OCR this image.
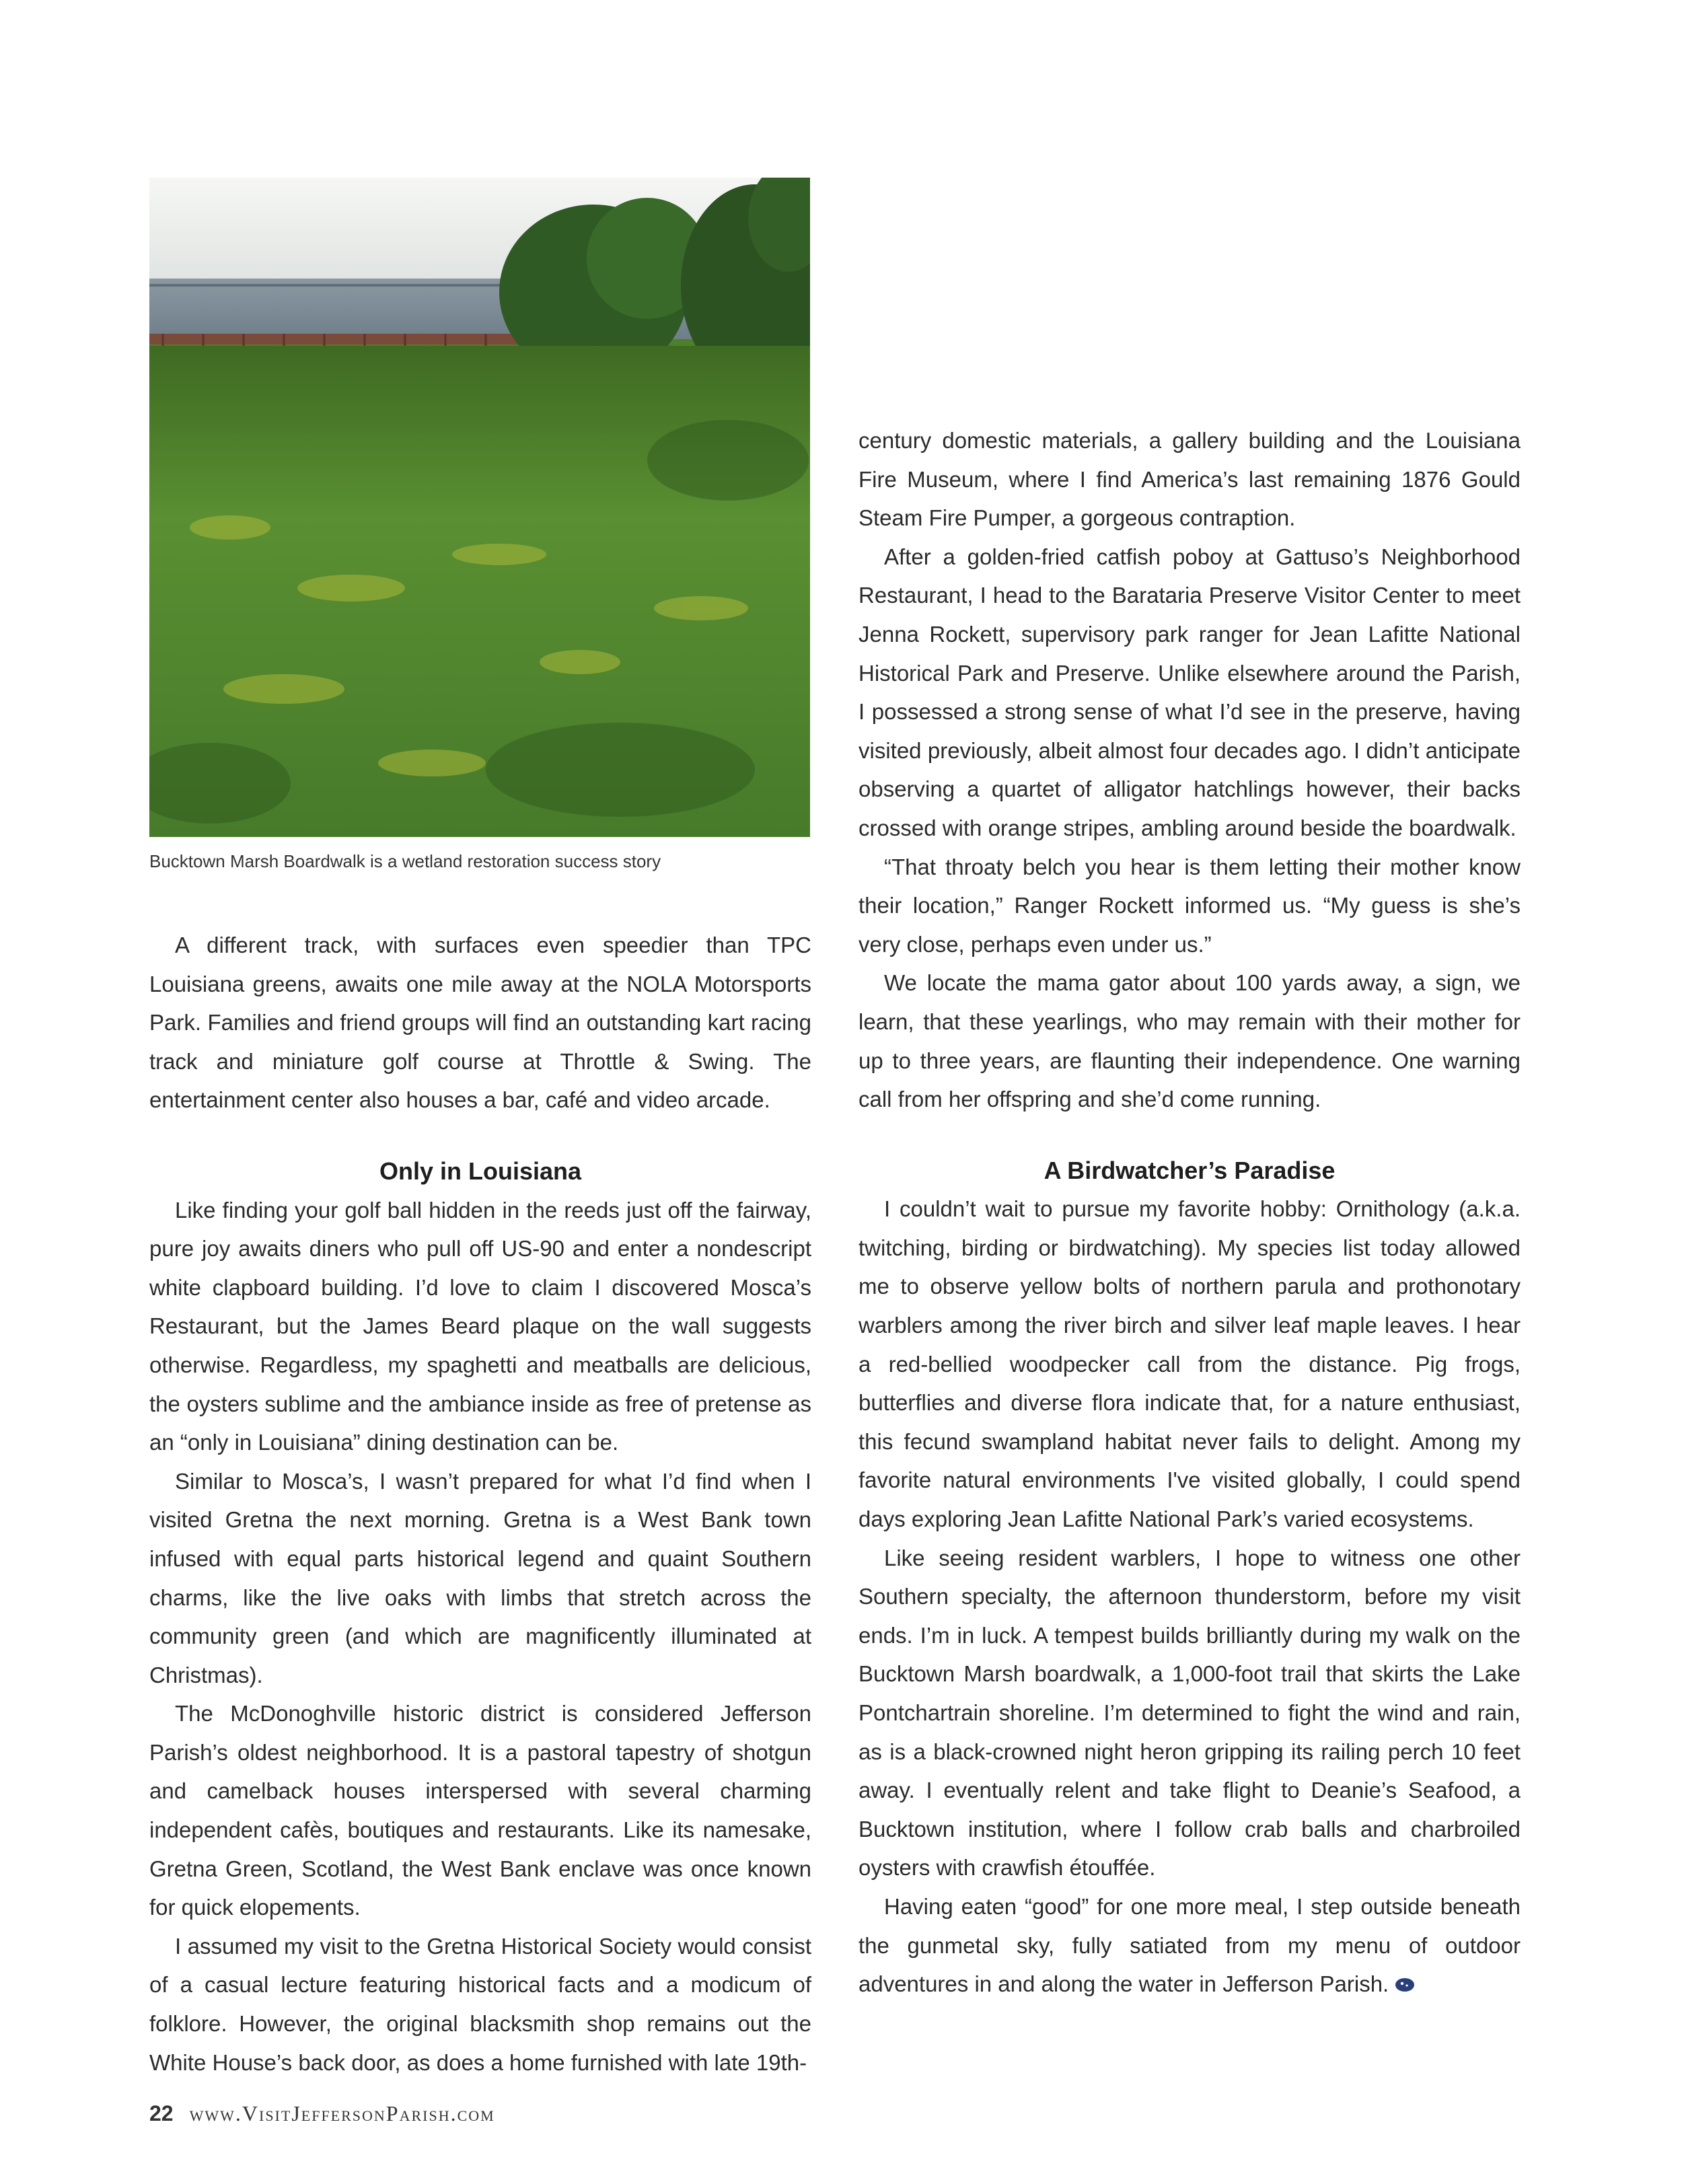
Bucktown Marsh Boardwalk is a wetland restoration success story

A different track, with surfaces even speedier than TPC Louisiana greens, awaits one mile away at the NOLA Motorsports Park. Families and friend groups will find an outstanding kart racing track and miniature golf course at Throttle & Swing. The entertainment center also houses a bar, café and video arcade.

Only in Louisiana

Like finding your golf ball hidden in the reeds just off the fairway, pure joy awaits diners who pull off US-90 and enter a nondescript white clapboard building. I’d love to claim I discovered Mosca’s Restaurant, but the James Beard plaque on the wall suggests otherwise. Regardless, my spaghetti and meatballs are delicious, the oysters sublime and the ambiance inside as free of pretense as an “only in Louisiana” dining destination can be.

Similar to Mosca’s, I wasn’t prepared for what I’d find when I visited Gretna the next morning. Gretna is a West Bank town infused with equal parts historical legend and quaint Southern charms, like the live oaks with limbs that stretch across the community green (and which are magnificently illuminated at Christmas).

The McDonoghville historic district is considered Jefferson Parish’s oldest neighborhood. It is a pastoral tapestry of shotgun and camelback houses interspersed with several charming independent cafès, boutiques and restaurants. Like its namesake, Gretna Green, Scotland, the West Bank enclave was once known for quick elopements.

I assumed my visit to the Gretna Historical Society would consist of a casual lecture featuring historical facts and a modicum of folklore. However, the original blacksmith shop remains out the White House’s back door, as does a home furnished with late 19th-

century domestic materials, a gallery building and the Louisiana Fire Museum, where I find America’s last remaining 1876 Gould Steam Fire Pumper, a gorgeous contraption.

After a golden-fried catfish poboy at Gattuso’s Neighborhood Restaurant, I head to the Barataria Preserve Visitor Center to meet Jenna Rockett, supervisory park ranger for Jean Lafitte National Historical Park and Preserve. Unlike elsewhere around the Parish, I possessed a strong sense of what I’d see in the preserve, having visited previously, albeit almost four decades ago. I didn’t anticipate observing a quartet of alligator hatchlings however, their backs crossed with orange stripes, ambling around beside the boardwalk.

“That throaty belch you hear is them letting their mother know their location,” Ranger Rockett informed us. “My guess is she’s very close, perhaps even under us.”

We locate the mama gator about 100 yards away, a sign, we learn, that these yearlings, who may remain with their mother for up to three years, are flaunting their independence. One warning call from her offspring and she’d come running.

A Birdwatcher’s Paradise

I couldn’t wait to pursue my favorite hobby: Ornithology (a.k.a. twitching, birding or birdwatching). My species list today allowed me to observe yellow bolts of northern parula and prothonotary warblers among the river birch and silver leaf maple leaves. I hear a red-bellied woodpecker call from the distance. Pig frogs, butterflies and diverse flora indicate that, for a nature enthusiast, this fecund swampland habitat never fails to delight. Among my favorite natural environments I've visited globally, I could spend days exploring Jean Lafitte National Park’s varied ecosystems.

Like seeing resident warblers, I hope to witness one other Southern specialty, the afternoon thunderstorm, before my visit ends. I’m in luck. A tempest builds brilliantly during my walk on the Bucktown Marsh boardwalk, a 1,000-foot trail that skirts the Lake Pontchartrain shoreline. I’m determined to fight the wind and rain, as is a black-crowned night heron gripping its railing perch 10 feet away. I eventually relent and take flight to Deanie’s Seafood, a Bucktown institution, where I follow crab balls and charbroiled oysters with crawfish étouffée.

Having eaten “good” for one more meal, I step outside beneath the gunmetal sky, fully satiated from my menu of outdoor adventures in and along the water in Jefferson Parish.

22 www.VisitJeffersonParish.com
